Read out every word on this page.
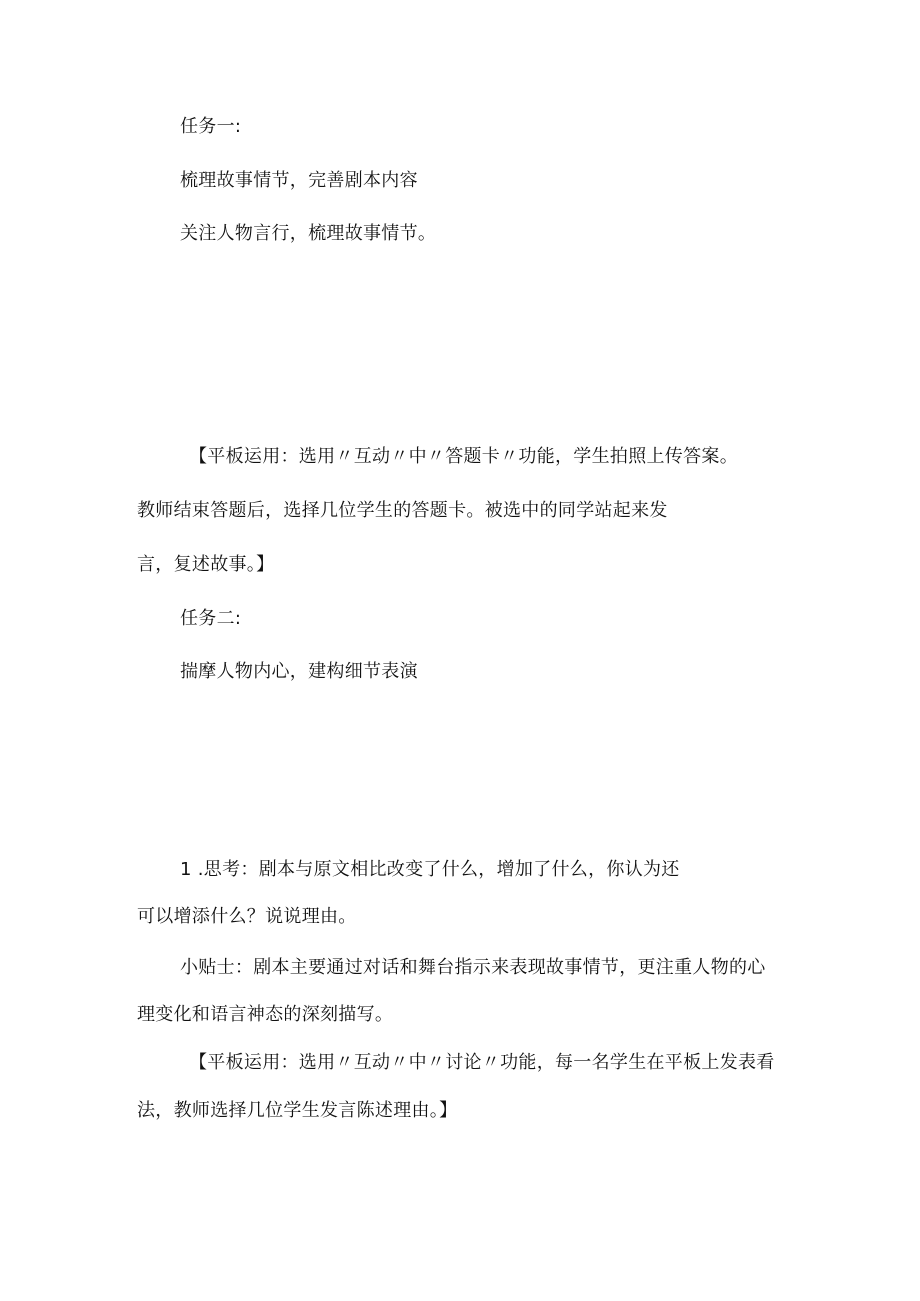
任务一:
梳理故事情节，完善剧本内容
关注人物言行，梳理故事情节。
【平板运用：选用〃互动〃中〃答题卡〃功能，学生拍照上传答案。
教师结束答题后，选择几位学生的答题卡。被选中的同学站起来发
言，复述故事。】
任务二:
揣摩人物内心，建构细节表演
1 .思考：剧本与原文相比改变了什么，增加了什么，你认为还
可以增添什么？说说理由。
小贴士：剧本主要通过对话和舞台指示来表现故事情节，更注重人物的心
理变化和语言神态的深刻描写。
【平板运用：选用〃互动〃中〃讨论〃功能，每一名学生在平板上发表看
法，教师选择几位学生发言陈述理由。】
